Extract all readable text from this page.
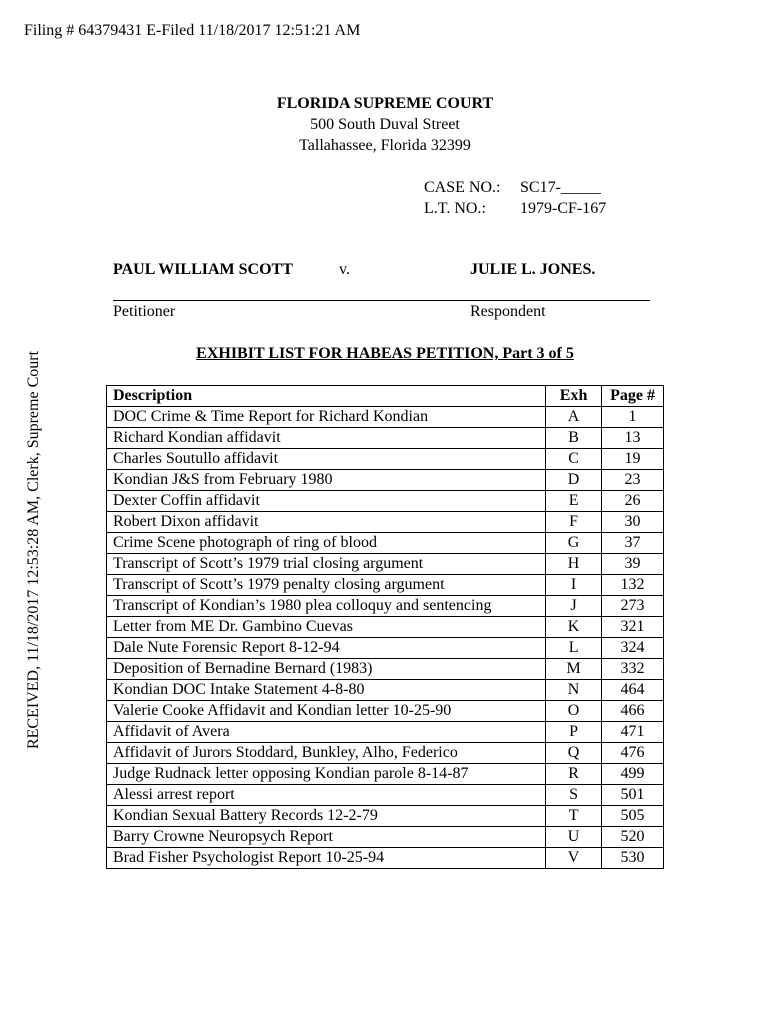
Filing # 64379431 E-Filed 11/18/2017 12:51:21 AM
RECEIVED, 11/18/2017 12:53:28 AM, Clerk, Supreme Court
FLORIDA SUPREME COURT
500 South Duval Street
Tallahassee, Florida 32399
CASE NO.: SC17-_____
L.T. NO.: 1979-CF-167
PAUL WILLIAM SCOTT	v.	JULIE L. JONES.
Petitioner	Respondent
EXHIBIT LIST FOR HABEAS PETITION, Part 3 of 5
Description	Exh	Page #
DOC Crime & Time Report for Richard Kondian	A	1
Richard Kondian affidavit	B	13
Charles Soutullo affidavit	C	19
Kondian J&S from February 1980	D	23
Dexter Coffin affidavit	E	26
Robert Dixon affidavit	F	30
Crime Scene photograph of ring of blood	G	37
Transcript of Scott’s 1979 trial closing argument	H	39
Transcript of Scott’s 1979 penalty closing argument	I	132
Transcript of Kondian’s 1980 plea colloquy and sentencing	J	273
Letter from ME Dr. Gambino Cuevas	K	321
Dale Nute Forensic Report 8-12-94	L	324
Deposition of Bernadine Bernard (1983)	M	332
Kondian DOC Intake Statement 4-8-80	N	464
Valerie Cooke Affidavit and Kondian letter 10-25-90	O	466
Affidavit of Avera	P	471
Affidavit of Jurors Stoddard, Bunkley, Alho, Federico	Q	476
Judge Rudnack letter opposing Kondian parole 8-14-87	R	499
Alessi arrest report	S	501
Kondian Sexual Battery Records 12-2-79	T	505
Barry Crowne Neuropsych Report	U	520
Brad Fisher Psychologist Report 10-25-94	V	530
